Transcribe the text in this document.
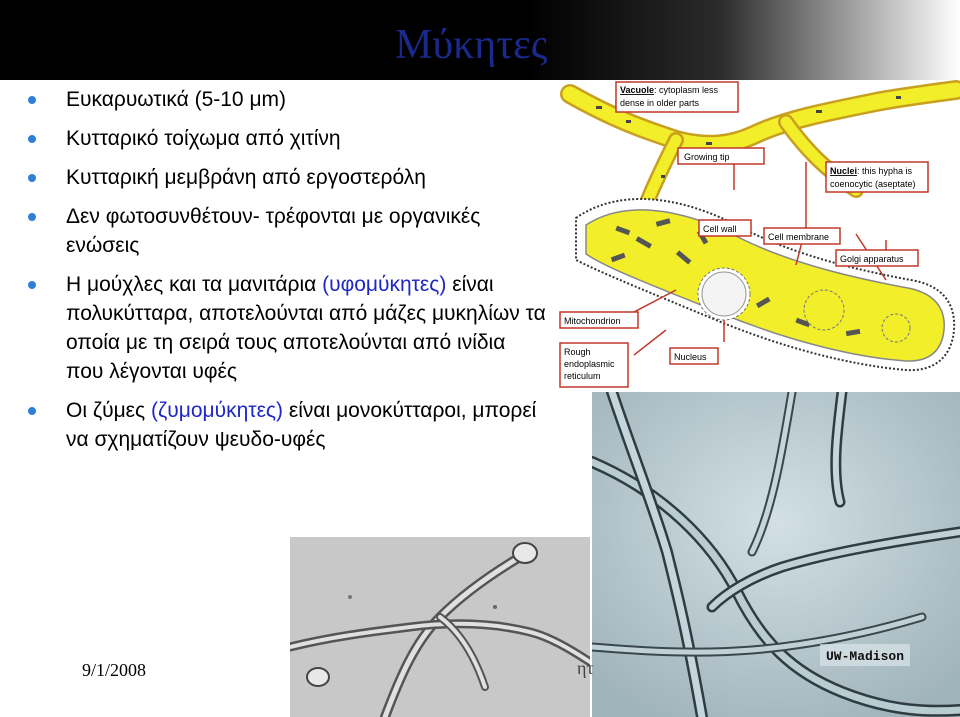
Μύκητες
Ευκαρυωτικά (5-10 μm)
Κυτταρικό τοίχωμα από χιτίνη
Κυτταρική μεμβράνη από εργοστερόλη
Δεν φωτοσυνθέτουν- τρέφονται με οργανικές ενώσεις
Η μούχλες και τα μανιτάρια (υφομύκητες) είναι πολυκύτταρα, αποτελούνται από μάζες μυκηλίων τα οποία με τη σειρά τους αποτελούνται από ινίδια που λέγονται υφές
Οι ζύμες (ζυμομύκητες) είναι μονοκύτταροι, μπορεί να σχηματίζουν ψευδο-υφές
Vacuole: cytoplasm less
dense in older parts
Growing tip
Nuclei: this hypha is
coenocytic (aseptate)
Cell wall
Cell membrane
Golgi apparatus
Mitochondrion
Rough
endoplasmic
reticulum
Nucleus
UW-Madison
9/1/2008	ητ
